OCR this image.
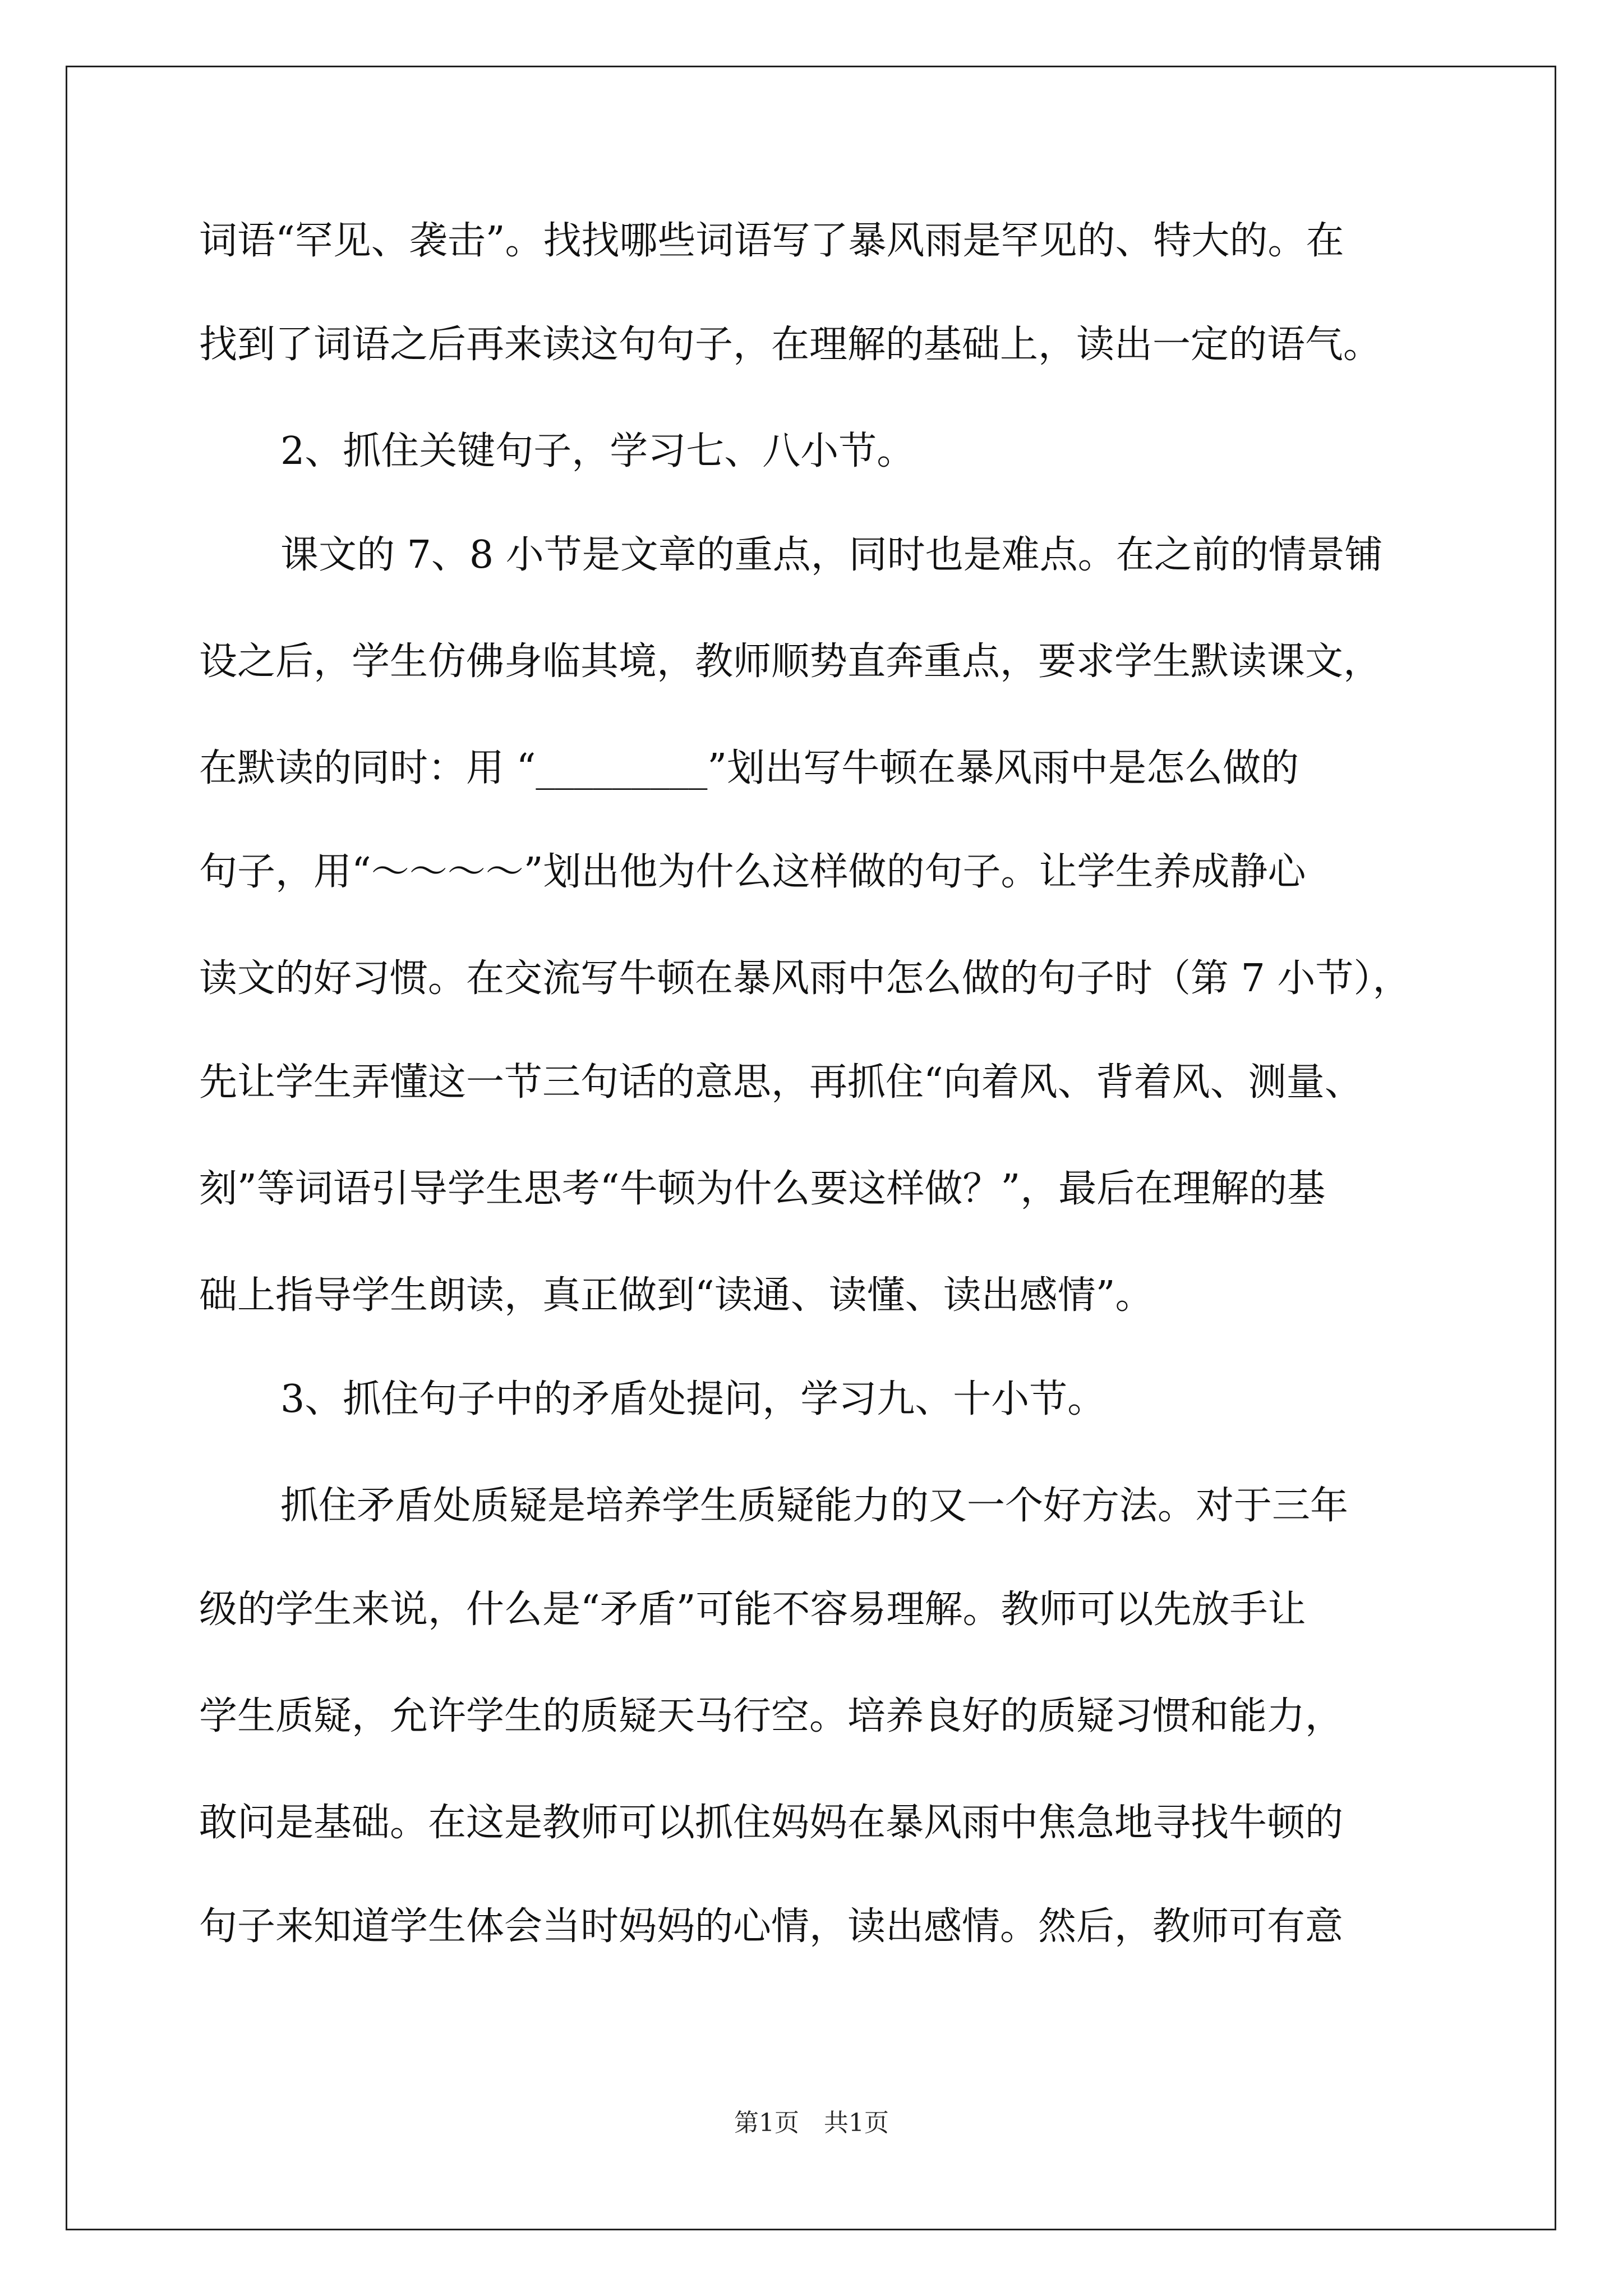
词语“罕见、袭击”。找找哪些词语写了暴风雨是罕见的、特大的。在
找到了词语之后再来读这句句子，在理解的基础上，读出一定的语气。
2、抓住关键句子，学习七、八小节。
课文的 7、8 小节是文章的重点，同时也是难点。在之前的情景铺
设之后，学生仿佛身临其境，教师顺势直奔重点，要求学生默读课文，
在默读的同时：用 “_________”划出写牛顿在暴风雨中是怎么做的
句子，用“～～～～”划出他为什么这样做的句子。让学生养成静心
读文的好习惯。在交流写牛顿在暴风雨中怎么做的句子时（第 7 小节），
先让学生弄懂这一节三句话的意思，再抓住“向着风、背着风、测量、
刻”等词语引导学生思考“牛顿为什么要这样做？”，最后在理解的基
础上指导学生朗读，真正做到“读通、读懂、读出感情”。
3、抓住句子中的矛盾处提问，学习九、十小节。
抓住矛盾处质疑是培养学生质疑能力的又一个好方法。对于三年
级的学生来说，什么是“矛盾”可能不容易理解。教师可以先放手让
学生质疑，允许学生的质疑天马行空。培养良好的质疑习惯和能力，
敢问是基础。在这是教师可以抓住妈妈在暴风雨中焦急地寻找牛顿的
句子来知道学生体会当时妈妈的心情，读出感情。然后，教师可有意
第1页　共1页
